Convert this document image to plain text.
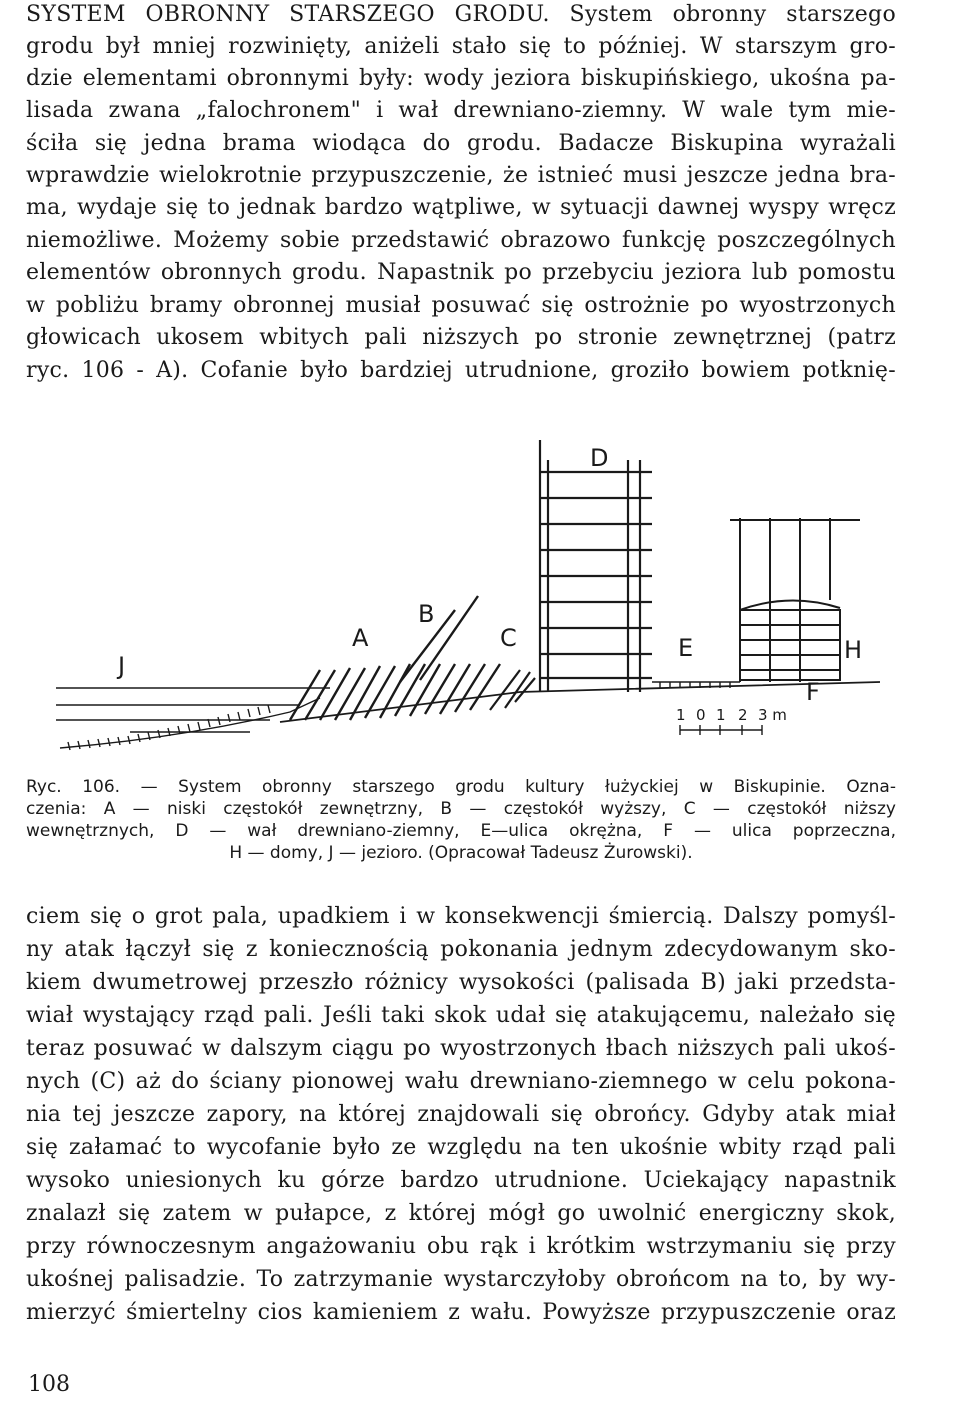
SYSTEM OBRONNY STARSZEGO GRODU. System obronny starszego
grodu był mniej rozwinięty, aniżeli stało się to później. W starszym gro-
dzie elementami obronnymi były: wody jeziora biskupińskiego, ukośna pa-
lisada zwana „falochronem" i wał drewniano-ziemny. W wale tym mie-
ściła się jedna brama wiodąca do grodu. Badacze Biskupina wyrażali
wprawdzie wielokrotnie przypuszczenie, że istnieć musi jeszcze jedna bra-
ma, wydaje się to jednak bardzo wątpliwe, w sytuacji dawnej wyspy wręcz
niemożliwe. Możemy sobie przedstawić obrazowo funkcję poszczególnych
elementów obronnych grodu. Napastnik po przebyciu jeziora lub pomostu
w pobliżu bramy obronnej musiał posuwać się ostrożnie po wyostrzonych
głowicach ukosem wbitych pali niższych po stronie zewnętrznej (patrz
ryc. 106 - A). Cofanie było bardziej utrudnione, groziło bowiem potknię-
J
A
B
C
D
E
F
H
1 0 1 2 3 m
Ryc. 106. — System obronny starszego grodu kultury łużyckiej w Biskupinie. Ozna-
czenia: A — niski częstokół zewnętrzny, B — częstokół wyższy, C — częstokół niższy
wewnętrznych, D — wał drewniano-ziemny, E—ulica okrężna, F — ulica poprzeczna,
H — domy, J — jezioro. (Opracował Tadeusz Żurowski).
ciem się o grot pala, upadkiem i w konsekwencji śmiercią. Dalszy pomyśl-
ny atak łączył się z koniecznością pokonania jednym zdecydowanym sko-
kiem dwumetrowej przeszło różnicy wysokości (palisada B) jaki przedsta-
wiał wystający rząd pali. Jeśli taki skok udał się atakującemu, należało się
teraz posuwać w dalszym ciągu po wyostrzonych łbach niższych pali ukoś-
nych (C) aż do ściany pionowej wału drewniano-ziemnego w celu pokona-
nia tej jeszcze zapory, na której znajdowali się obrońcy. Gdyby atak miał
się załamać to wycofanie było ze względu na ten ukośnie wbity rząd pali
wysoko uniesionych ku górze bardzo utrudnione. Uciekający napastnik
znalazł się zatem w pułapce, z której mógł go uwolnić energiczny skok,
przy równoczesnym angażowaniu obu rąk i krótkim wstrzymaniu się przy
ukośnej palisadzie. To zatrzymanie wystarczyłoby obrońcom na to, by wy-
mierzyć śmiertelny cios kamieniem z wału. Powyższe przypuszczenie oraz
108
